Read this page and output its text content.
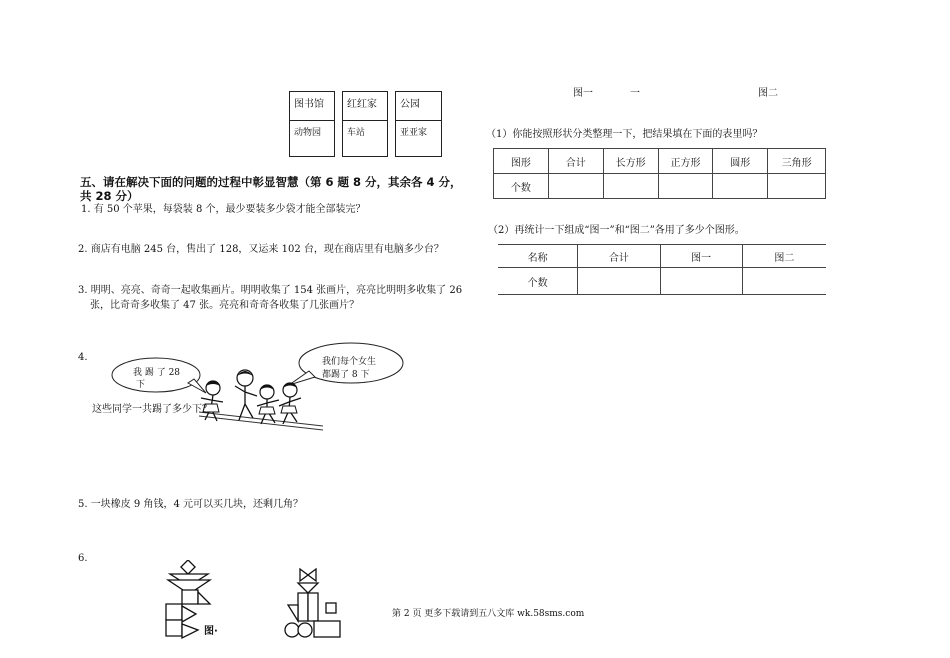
图书馆
动物园
红红家
车站
公园
亚亚家
图一	一	图二
五、请在解决下面的问题的过程中彰显智慧（第 6 题 8 分，其余各 4 分，
共 28 分）
1. 有 50 个苹果，每袋装 8 个，最少要装多少袋才能全部装完？
2. 商店有电脑 245 台，售出了 128，又运来 102 台，现在商店里有电脑多少台？
3. 明明、亮亮、奇奇一起收集画片。明明收集了 154 张画片，亮亮比明明多收集了 26
张，比奇奇多收集了 47 张。亮亮和奇奇各收集了几张画片？
4.
我 踢 了 28
下
我们每个女生
都踢了 8 下
这些同学一共踢了多少下？
5. 一块橡皮 9 角钱，4 元可以买几块，还剩几角？
6.
图·
（1）你能按照形状分类整理一下，把结果填在下面的表里吗？
图形	合计	长方形	正方形	圆形	三角形
个数					
（2）再统计一下组成“图一”和“图二”各用了多少个图形。
名称	合计	图一	图二
个数			
第 2 页 更多下载请到五八文库 wk.58sms.com
